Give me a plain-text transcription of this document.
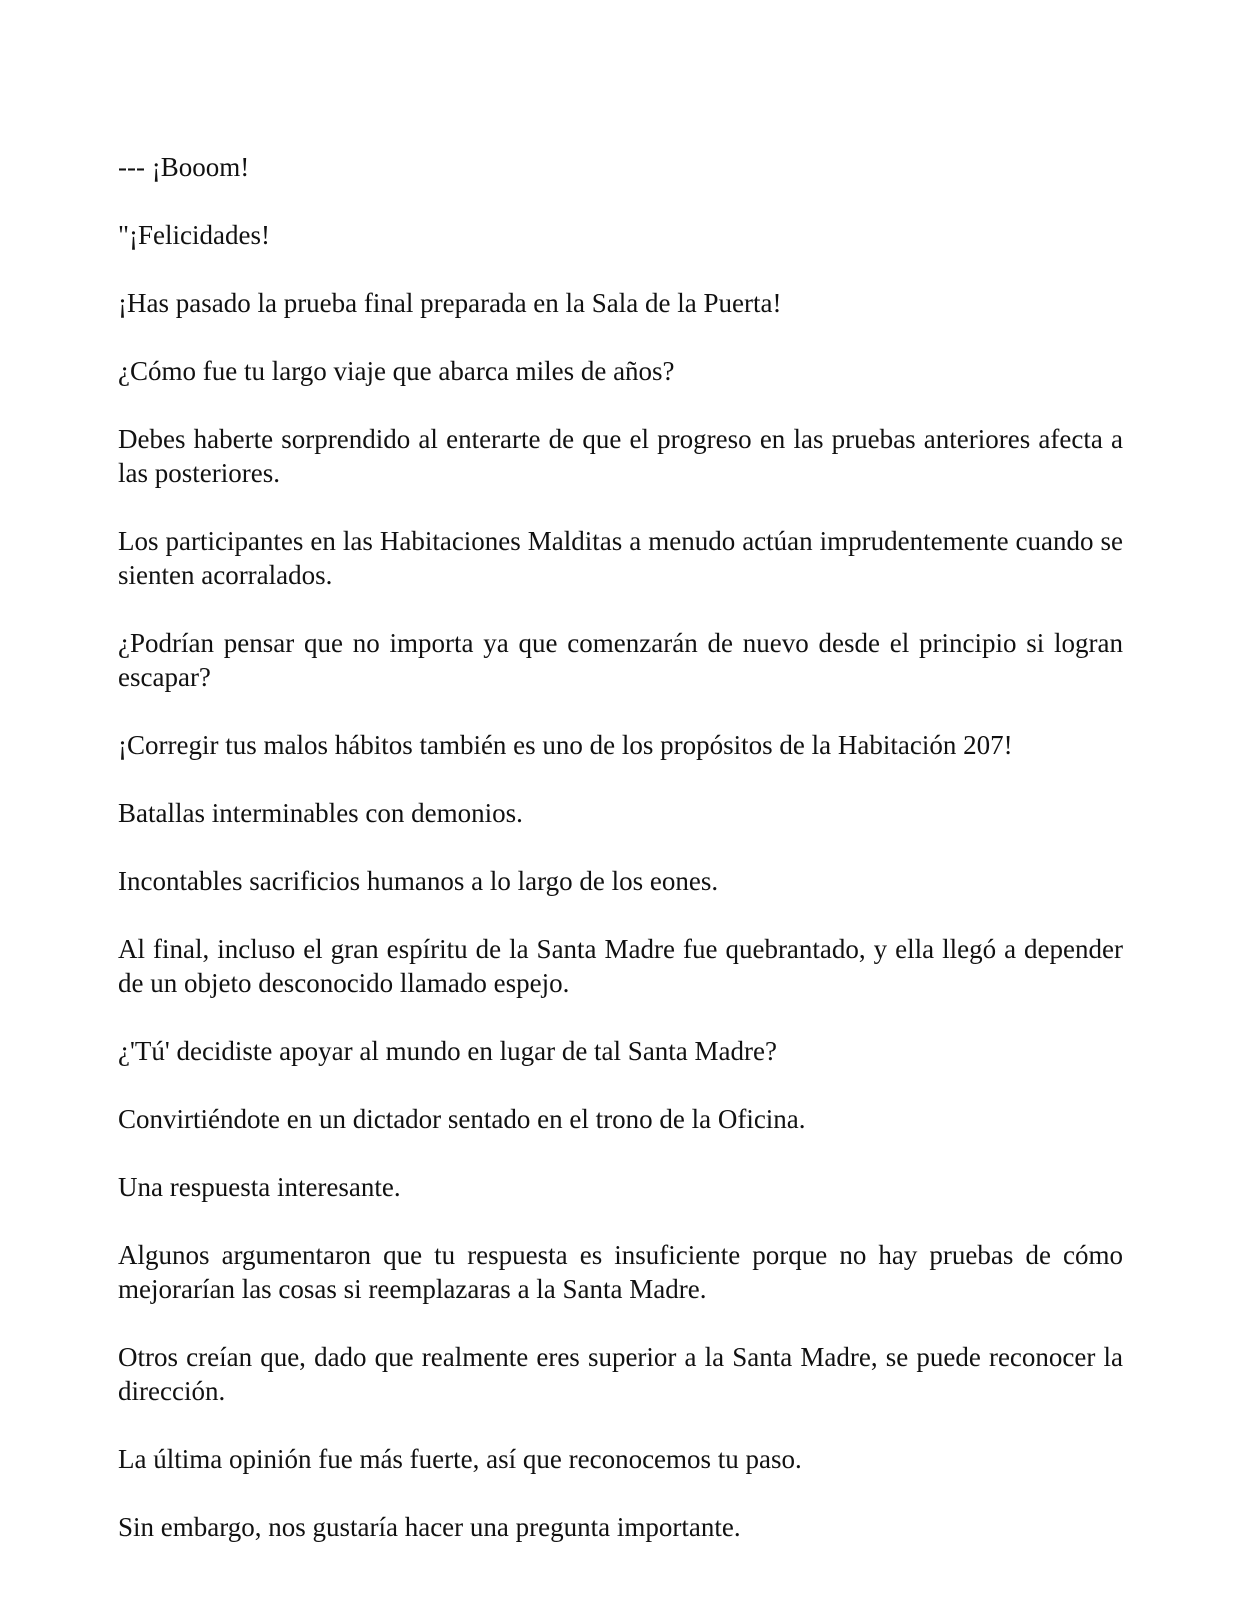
--- ¡Booom!

"¡Felicidades!

¡Has pasado la prueba final preparada en la Sala de la Puerta!

¿Cómo fue tu largo viaje que abarca miles de años?

Debes haberte sorprendido al enterarte de que el progreso en las pruebas anteriores afecta a las posteriores.

Los participantes en las Habitaciones Malditas a menudo actúan imprudentemente cuando se sienten acorralados.

¿Podrían pensar que no importa ya que comenzarán de nuevo desde el principio si logran escapar?

¡Corregir tus malos hábitos también es uno de los propósitos de la Habitación 207!

Batallas interminables con demonios.

Incontables sacrificios humanos a lo largo de los eones.

Al final, incluso el gran espíritu de la Santa Madre fue quebrantado, y ella llegó a depender de un objeto desconocido llamado espejo.

¿'Tú' decidiste apoyar al mundo en lugar de tal Santa Madre?

Convirtiéndote en un dictador sentado en el trono de la Oficina.

Una respuesta interesante.

Algunos argumentaron que tu respuesta es insuficiente porque no hay pruebas de cómo mejorarían las cosas si reemplazaras a la Santa Madre.

Otros creían que, dado que realmente eres superior a la Santa Madre, se puede reconocer la dirección.

La última opinión fue más fuerte, así que reconocemos tu paso.

Sin embargo, nos gustaría hacer una pregunta importante.
